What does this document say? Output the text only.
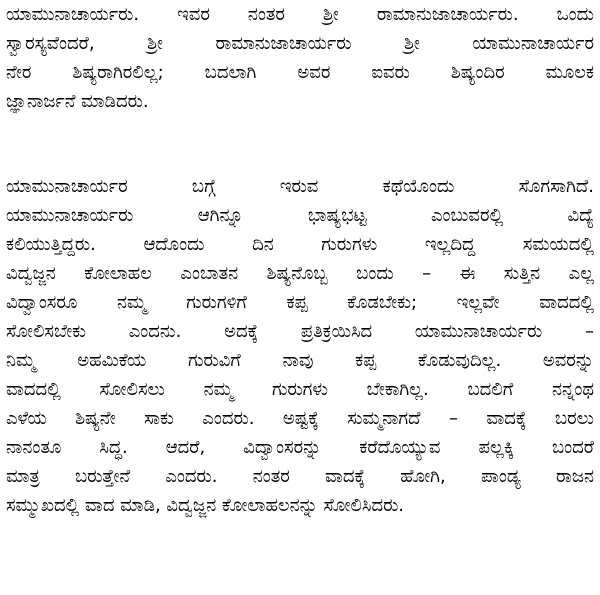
ಯಾಮುನಾಚಾರ್ಯರು. ಇವರ ನಂತರ ಶ್ರೀ ರಾಮಾನುಜಾಚಾರ್ಯರು. ಒಂದು
ಸ್ವಾರಸ್ಯವೆಂದರೆ, ಶ್ರೀ ರಾಮಾನುಜಾಚಾರ್ಯರು ಶ್ರೀ ಯಾಮುನಾಚಾರ್ಯರ
ನೇರ ಶಿಷ್ಯರಾಗಿರಲಿಲ್ಲ; ಬದಲಾಗಿ ಅವರ ಐವರು ಶಿಷ್ಯಂದಿರ ಮೂಲಕ
ಜ್ಞಾನಾರ್ಜನೆ ಮಾಡಿದರು.
ಯಾಮುನಾಚಾರ್ಯರ ಬಗ್ಗೆ ಇರುವ ಕಥೆಯೊಂದು ಸೊಗಸಾಗಿದೆ.
ಯಾಮುನಾಚಾರ್ಯರು ಆಗಿನ್ನೂ ಭಾಷ್ಯಭಟ್ಟ ಎಂಬುವರಲ್ಲಿ ವಿದ್ಯೆ
ಕಲಿಯುತ್ತಿದ್ದರು. ಆದೊಂದು ದಿನ ಗುರುಗಳು ಇಲ್ಲದಿದ್ದ ಸಮಯದಲ್ಲಿ
ವಿದ್ವಜ್ಜನ ಕೋಲಾಹಲ ಎಂಬಾತನ ಶಿಷ್ಯನೊಬ್ಬ ಬಂದು – ಈ ಸುತ್ತಿನ ಎಲ್ಲ
ವಿದ್ವಾಂಸರೂ ನಮ್ಮ ಗುರುಗಳಿಗೆ ಕಪ್ಪ ಕೊಡಬೇಕು; ಇಲ್ಲವೇ ವಾದದಲ್ಲಿ
ಸೋಲಿಸಬೇಕು ಎಂದನು. ಅದಕ್ಕೆ ಪ್ರತಿಕ್ರಯಿಸಿದ ಯಾಮುನಾಚಾರ್ಯರು –
ನಿಮ್ಮ ಅಹಮಿಕೆಯ ಗುರುವಿಗೆ ನಾವು ಕಪ್ಪ ಕೊಡುವುದಿಲ್ಲ. ಅವರನ್ನು
ವಾದದಲ್ಲಿ ಸೋಲಿಸಲು ನಮ್ಮ ಗುರುಗಳು ಬೇಕಾಗಿಲ್ಲ. ಬದಲಿಗೆ ನನ್ನಂಥ
ಎಳೆಯ ಶಿಷ್ಯನೇ ಸಾಕು ಎಂದರು. ಅಷ್ಟಕ್ಕೆ ಸುಮ್ಮನಾಗದೆ – ವಾದಕ್ಕೆ ಬರಲು
ನಾನಂತೂ ಸಿದ್ಧ. ಆದರೆ, ವಿದ್ವಾಂಸರನ್ನು ಕರೆದೊಯ್ಯುವ ಪಲ್ಲಕ್ಕಿ ಬಂದರೆ
ಮಾತ್ರ ಬರುತ್ತೇನೆ ಎಂದರು. ನಂತರ ವಾದಕ್ಕೆ ಹೋಗಿ, ಪಾಂಡ್ಯ ರಾಜನ
ಸಮ್ಮುಖದಲ್ಲಿ ವಾದ ಮಾಡಿ, ವಿದ್ವಜ್ಜನ ಕೋಲಾಹಲನನ್ನು ಸೋಲಿಸಿದರು.
